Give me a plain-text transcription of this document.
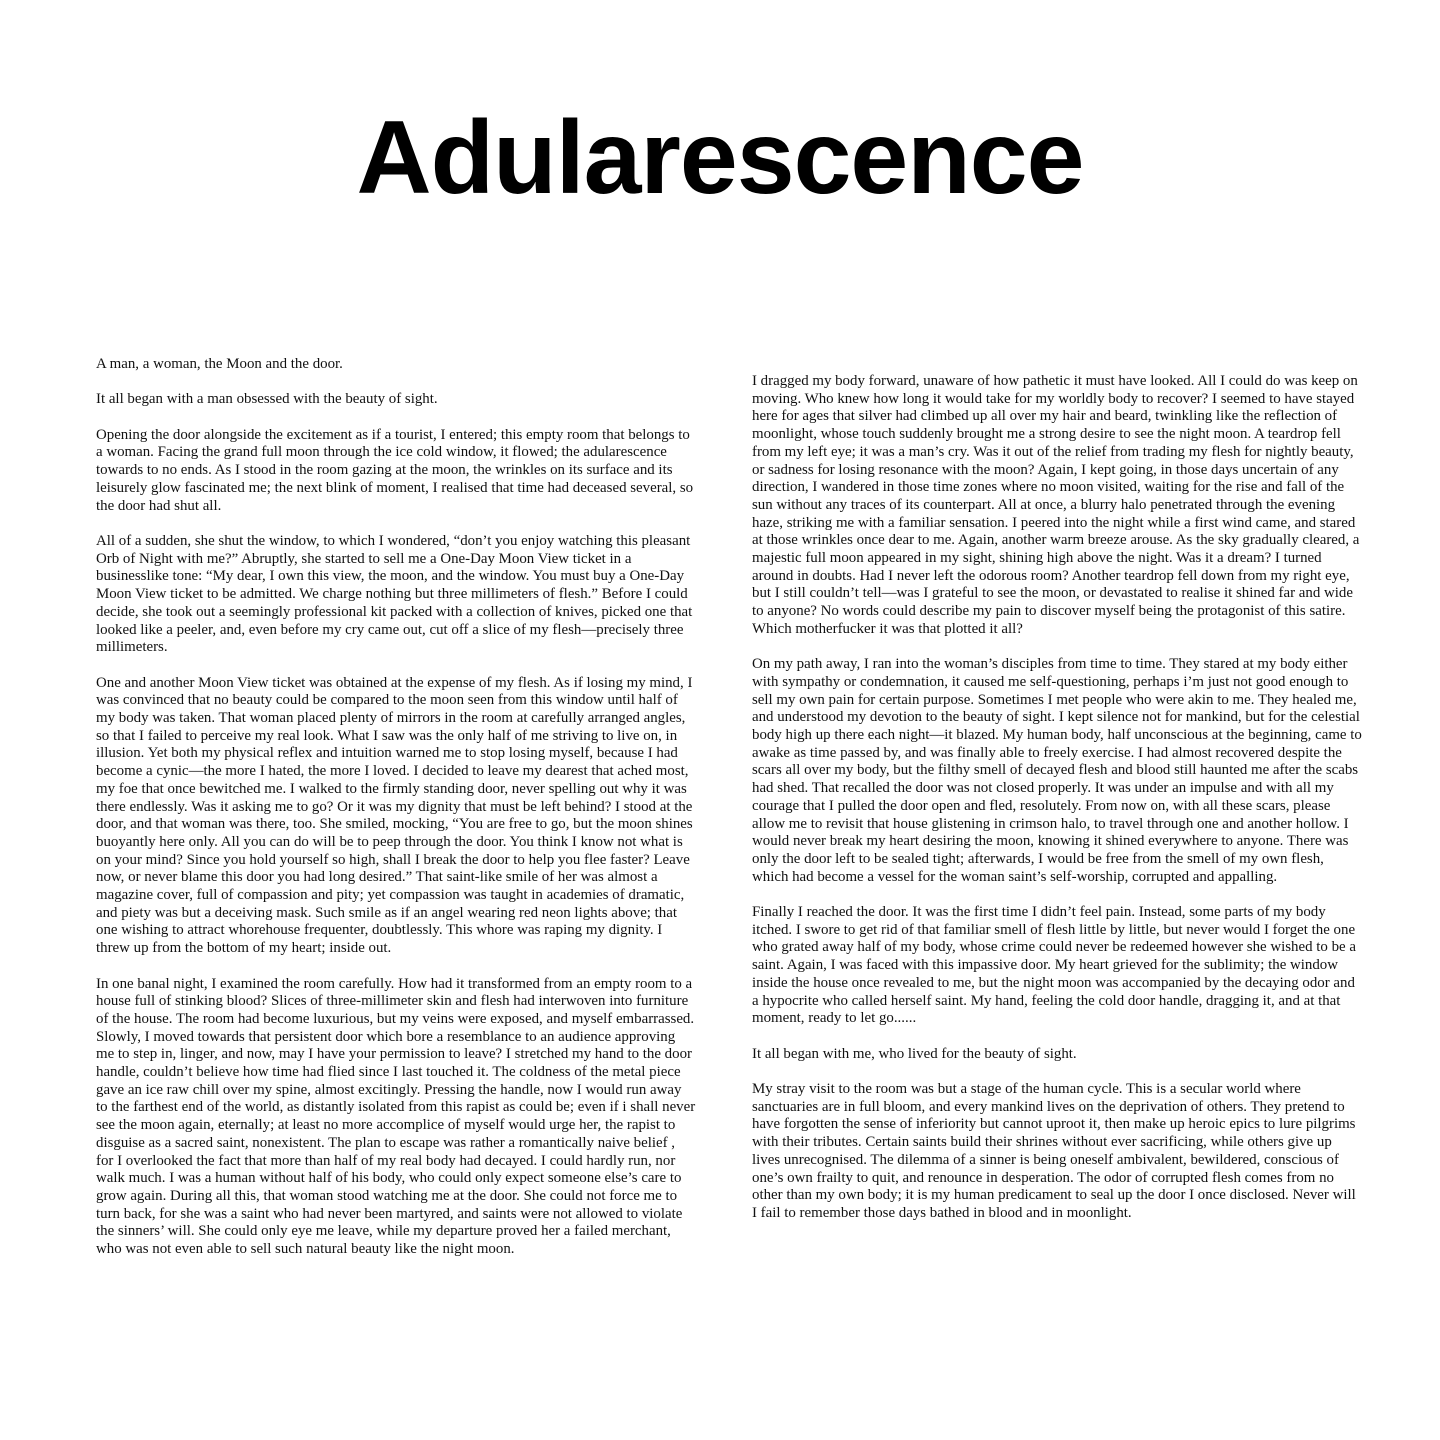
Adularescence

A man, a woman, the Moon and the door.

It all began with a man obsessed with the beauty of sight.

Opening the door alongside the excitement as if a tourist, I entered; this empty room that belongs to a woman. Facing the grand full moon through the ice cold window, it flowed; the adularescence towards to no ends. As I stood in the room gazing at the moon, the wrinkles on its surface and its leisurely glow fascinated me; the next blink of moment, I realised that time had deceased several, so the door had shut all.

All of a sudden, she shut the window, to which I wondered, “don’t you enjoy watching this pleasant Orb of Night with me?” Abruptly, she started to sell me a One-Day Moon View ticket in a businesslike tone: “My dear, I own this view, the moon, and the window. You must buy a One-Day Moon View ticket to be admitted. We charge nothing but three millimeters of flesh.” Before I could decide, she took out a seemingly professional kit packed with a collection of knives, picked one that looked like a peeler, and, even before my cry came out, cut off a slice of my flesh—precisely three millimeters.

One and another Moon View ticket was obtained at the expense of my flesh. As if losing my mind, I was convinced that no beauty could be compared to the moon seen from this window until half of my body was taken. That woman placed plenty of mirrors in the room at carefully arranged angles, so that I failed to perceive my real look. What I saw was the only half of me striving to live on, in illusion. Yet both my physical reflex and intuition warned me to stop losing myself, because I had become a cynic—the more I hated, the more I loved. I decided to leave my dearest that ached most, my foe that once bewitched me. I walked to the firmly standing door, never spelling out why it was there endlessly. Was it asking me to go? Or it was my dignity that must be left behind? I stood at the door, and that woman was there, too. She smiled, mocking, “You are free to go, but the moon shines buoyantly here only. All you can do will be to peep through the door. You think I know not what is on your mind? Since you hold yourself so high, shall I break the door to help you flee faster? Leave now, or never blame this door you had long desired.” That saint-like smile of her was almost a magazine cover, full of compassion and pity; yet compassion was taught in academies of dramatic, and piety was but a deceiving mask. Such smile as if an angel wearing red neon lights above; that one wishing to attract whorehouse frequenter, doubtlessly. This whore was raping my dignity. I threw up from the bottom of my heart; inside out.

In one banal night, I examined the room carefully. How had it transformed from an empty room to a house full of stinking blood? Slices of three-millimeter skin and flesh had interwoven into furniture of the house. The room had become luxurious, but my veins were exposed, and myself embarrassed. Slowly, I moved towards that persistent door which bore a resemblance to an audience approving me to step in, linger, and now, may I have your permission to leave? I stretched my hand to the door handle, couldn’t believe how time had flied since I last touched it. The coldness of the metal piece gave an ice raw chill over my spine, almost excitingly. Pressing the handle, now I would run away to the farthest end of the world, as distantly isolated from this rapist as could be; even if i shall never see the moon again, eternally; at least no more accomplice of myself would urge her, the rapist to disguise as a sacred saint, nonexistent. The plan to escape was rather a romantically naive belief , for I overlooked the fact that more than half of my real body had decayed. I could hardly run, nor walk much. I was a human without half of his body, who could only expect someone else’s care to grow again. During all this, that woman stood watching me at the door. She could not force me to turn back, for she was a saint who had never been martyred, and saints were not allowed to violate the sinners’ will. She could only eye me leave, while my departure proved her a failed merchant, who was not even able to sell such natural beauty like the night moon.

I dragged my body forward, unaware of how pathetic it must have looked. All I could do was keep on moving. Who knew how long it would take for my worldly body to recover? I seemed to have stayed here for ages that silver had climbed up all over my hair and beard, twinkling like the reflection of moonlight, whose touch suddenly brought me a strong desire to see the night moon. A teardrop fell from my left eye; it was a man’s cry. Was it out of the relief from trading my flesh for nightly beauty, or sadness for losing resonance with the moon? Again, I kept going, in those days uncertain of any direction, I wandered in those time zones where no moon visited, waiting for the rise and fall of the sun without any traces of its counterpart. All at once, a blurry halo penetrated through the evening haze, striking me with a familiar sensation. I peered into the night while a first wind came, and stared at those wrinkles once dear to me. Again, another warm breeze arouse. As the sky gradually cleared, a majestic full moon appeared in my sight, shining high above the night. Was it a dream? I turned around in doubts. Had I never left the odorous room? Another teardrop fell down from my right eye, but I still couldn’t tell—was I grateful to see the moon, or devastated to realise it shined far and wide to anyone? No words could describe my pain to discover myself being the protagonist of this satire. Which motherfucker it was that plotted it all?

On my path away, I ran into the woman’s disciples from time to time. They stared at my body either with sympathy or condemnation, it caused me self-questioning, perhaps i’m just not good enough to sell my own pain for certain purpose. Sometimes I met people who were akin to me. They healed me, and understood my devotion to the beauty of sight. I kept silence not for mankind, but for the celestial body high up there each night—it blazed. My human body, half unconscious at the beginning, came to awake as time passed by, and was finally able to freely exercise. I had almost recovered despite the scars all over my body, but the filthy smell of decayed flesh and blood still haunted me after the scabs had shed. That recalled the door was not closed properly. It was under an impulse and with all my courage that I pulled the door open and fled, resolutely. From now on, with all these scars, please allow me to revisit that house glistening in crimson halo, to travel through one and another hollow. I would never break my heart desiring the moon, knowing it shined everywhere to anyone. There was only the door left to be sealed tight; afterwards, I would be free from the smell of my own flesh, which had become a vessel for the woman saint’s self-worship, corrupted and appalling.

Finally I reached the door. It was the first time I didn’t feel pain. Instead, some parts of my body itched. I swore to get rid of that familiar smell of flesh little by little, but never would I forget the one who grated away half of my body, whose crime could never be redeemed however she wished to be a saint. Again, I was faced with this impassive door. My heart grieved for the sublimity; the window inside the house once revealed to me, but the night moon was accompanied by the decaying odor and a hypocrite who called herself saint. My hand, feeling the cold door handle, dragging it, and at that moment, ready to let go......

It all began with me, who lived for the beauty of sight.

My stray visit to the room was but a stage of the human cycle. This is a secular world where sanctuaries are in full bloom, and every mankind lives on the deprivation of others. They pretend to have forgotten the sense of inferiority but cannot uproot it, then make up heroic epics to lure pilgrims with their tributes. Certain saints build their shrines without ever sacrificing, while others give up lives unrecognised. The dilemma of a sinner is being oneself ambivalent, bewildered, conscious of one’s own frailty to quit, and renounce in desperation. The odor of corrupted flesh comes from no other than my own body; it is my human predicament to seal up the door I once disclosed. Never will I fail to remember those days bathed in blood and in moonlight.
